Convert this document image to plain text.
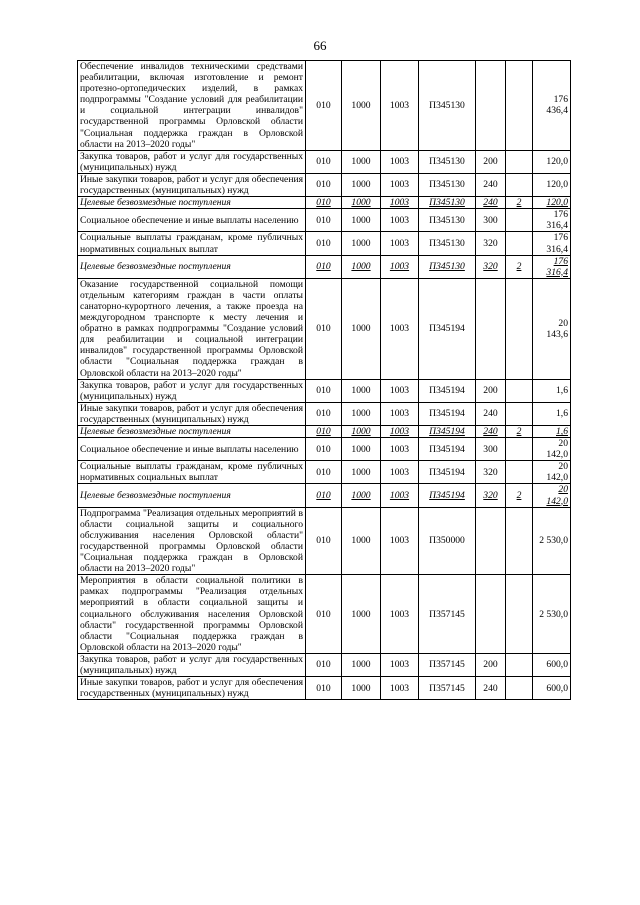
66
Обеспечение инвалидов техническими средствами реабилитации, включая изготовление и ремонт протезно-ортопедических изделий, в рамках подпрограммы "Создание условий для реабилитации и социальной интеграции инвалидов" государственной программы Орловской области "Социальная поддержка граждан в Орловской области на 2013–2020 годы"	010	1000	1003	П345130			176 436,4
Закупка товаров, работ и услуг для государственных (муниципальных) нужд	010	1000	1003	П345130	200		120,0
Иные закупки товаров, работ и услуг для обеспечения государственных (муниципальных) нужд	010	1000	1003	П345130	240		120,0
Целевые безвозмездные поступления	010	1000	1003	П345130	240	2	120,0
Социальное обеспечение и иные выплаты населению	010	1000	1003	П345130	300		176 316,4
Социальные выплаты гражданам, кроме публичных нормативных социальных выплат	010	1000	1003	П345130	320		176 316,4
Целевые безвозмездные поступления	010	1000	1003	П345130	320	2	176 316,4
Оказание государственной социальной помощи отдельным категориям граждан в части оплаты санаторно-курортного лечения, а также проезда на междугородном транспорте к месту лечения и обратно в рамках подпрограммы "Создание условий для реабилитации и социальной интеграции инвалидов" государственной программы Орловской области "Социальная поддержка граждан в Орловской области на 2013–2020 годы"	010	1000	1003	П345194			20 143,6
Закупка товаров, работ и услуг для государственных (муниципальных) нужд	010	1000	1003	П345194	200		1,6
Иные закупки товаров, работ и услуг для обеспечения государственных (муниципальных) нужд	010	1000	1003	П345194	240		1,6
Целевые безвозмездные поступления	010	1000	1003	П345194	240	2	1,6
Социальное обеспечение и иные выплаты населению	010	1000	1003	П345194	300		20 142,0
Социальные выплаты гражданам, кроме публичных нормативных социальных выплат	010	1000	1003	П345194	320		20 142,0
Целевые безвозмездные поступления	010	1000	1003	П345194	320	2	20 142,0
Подпрограмма "Реализация отдельных мероприятий в области социальной защиты и социального обслуживания населения Орловской области" государственной программы Орловской области "Социальная поддержка граждан в Орловской области на 2013–2020 годы"	010	1000	1003	П350000			2 530,0
Мероприятия в области социальной политики в рамках подпрограммы "Реализация отдельных мероприятий в области социальной защиты и социального обслуживания населения Орловской области" государственной программы Орловской области "Социальная поддержка граждан в Орловской области на 2013–2020 годы"	010	1000	1003	П357145			2 530,0
Закупка товаров, работ и услуг для государственных (муниципальных) нужд	010	1000	1003	П357145	200		600,0
Иные закупки товаров, работ и услуг для обеспечения государственных (муниципальных) нужд	010	1000	1003	П357145	240		600,0
